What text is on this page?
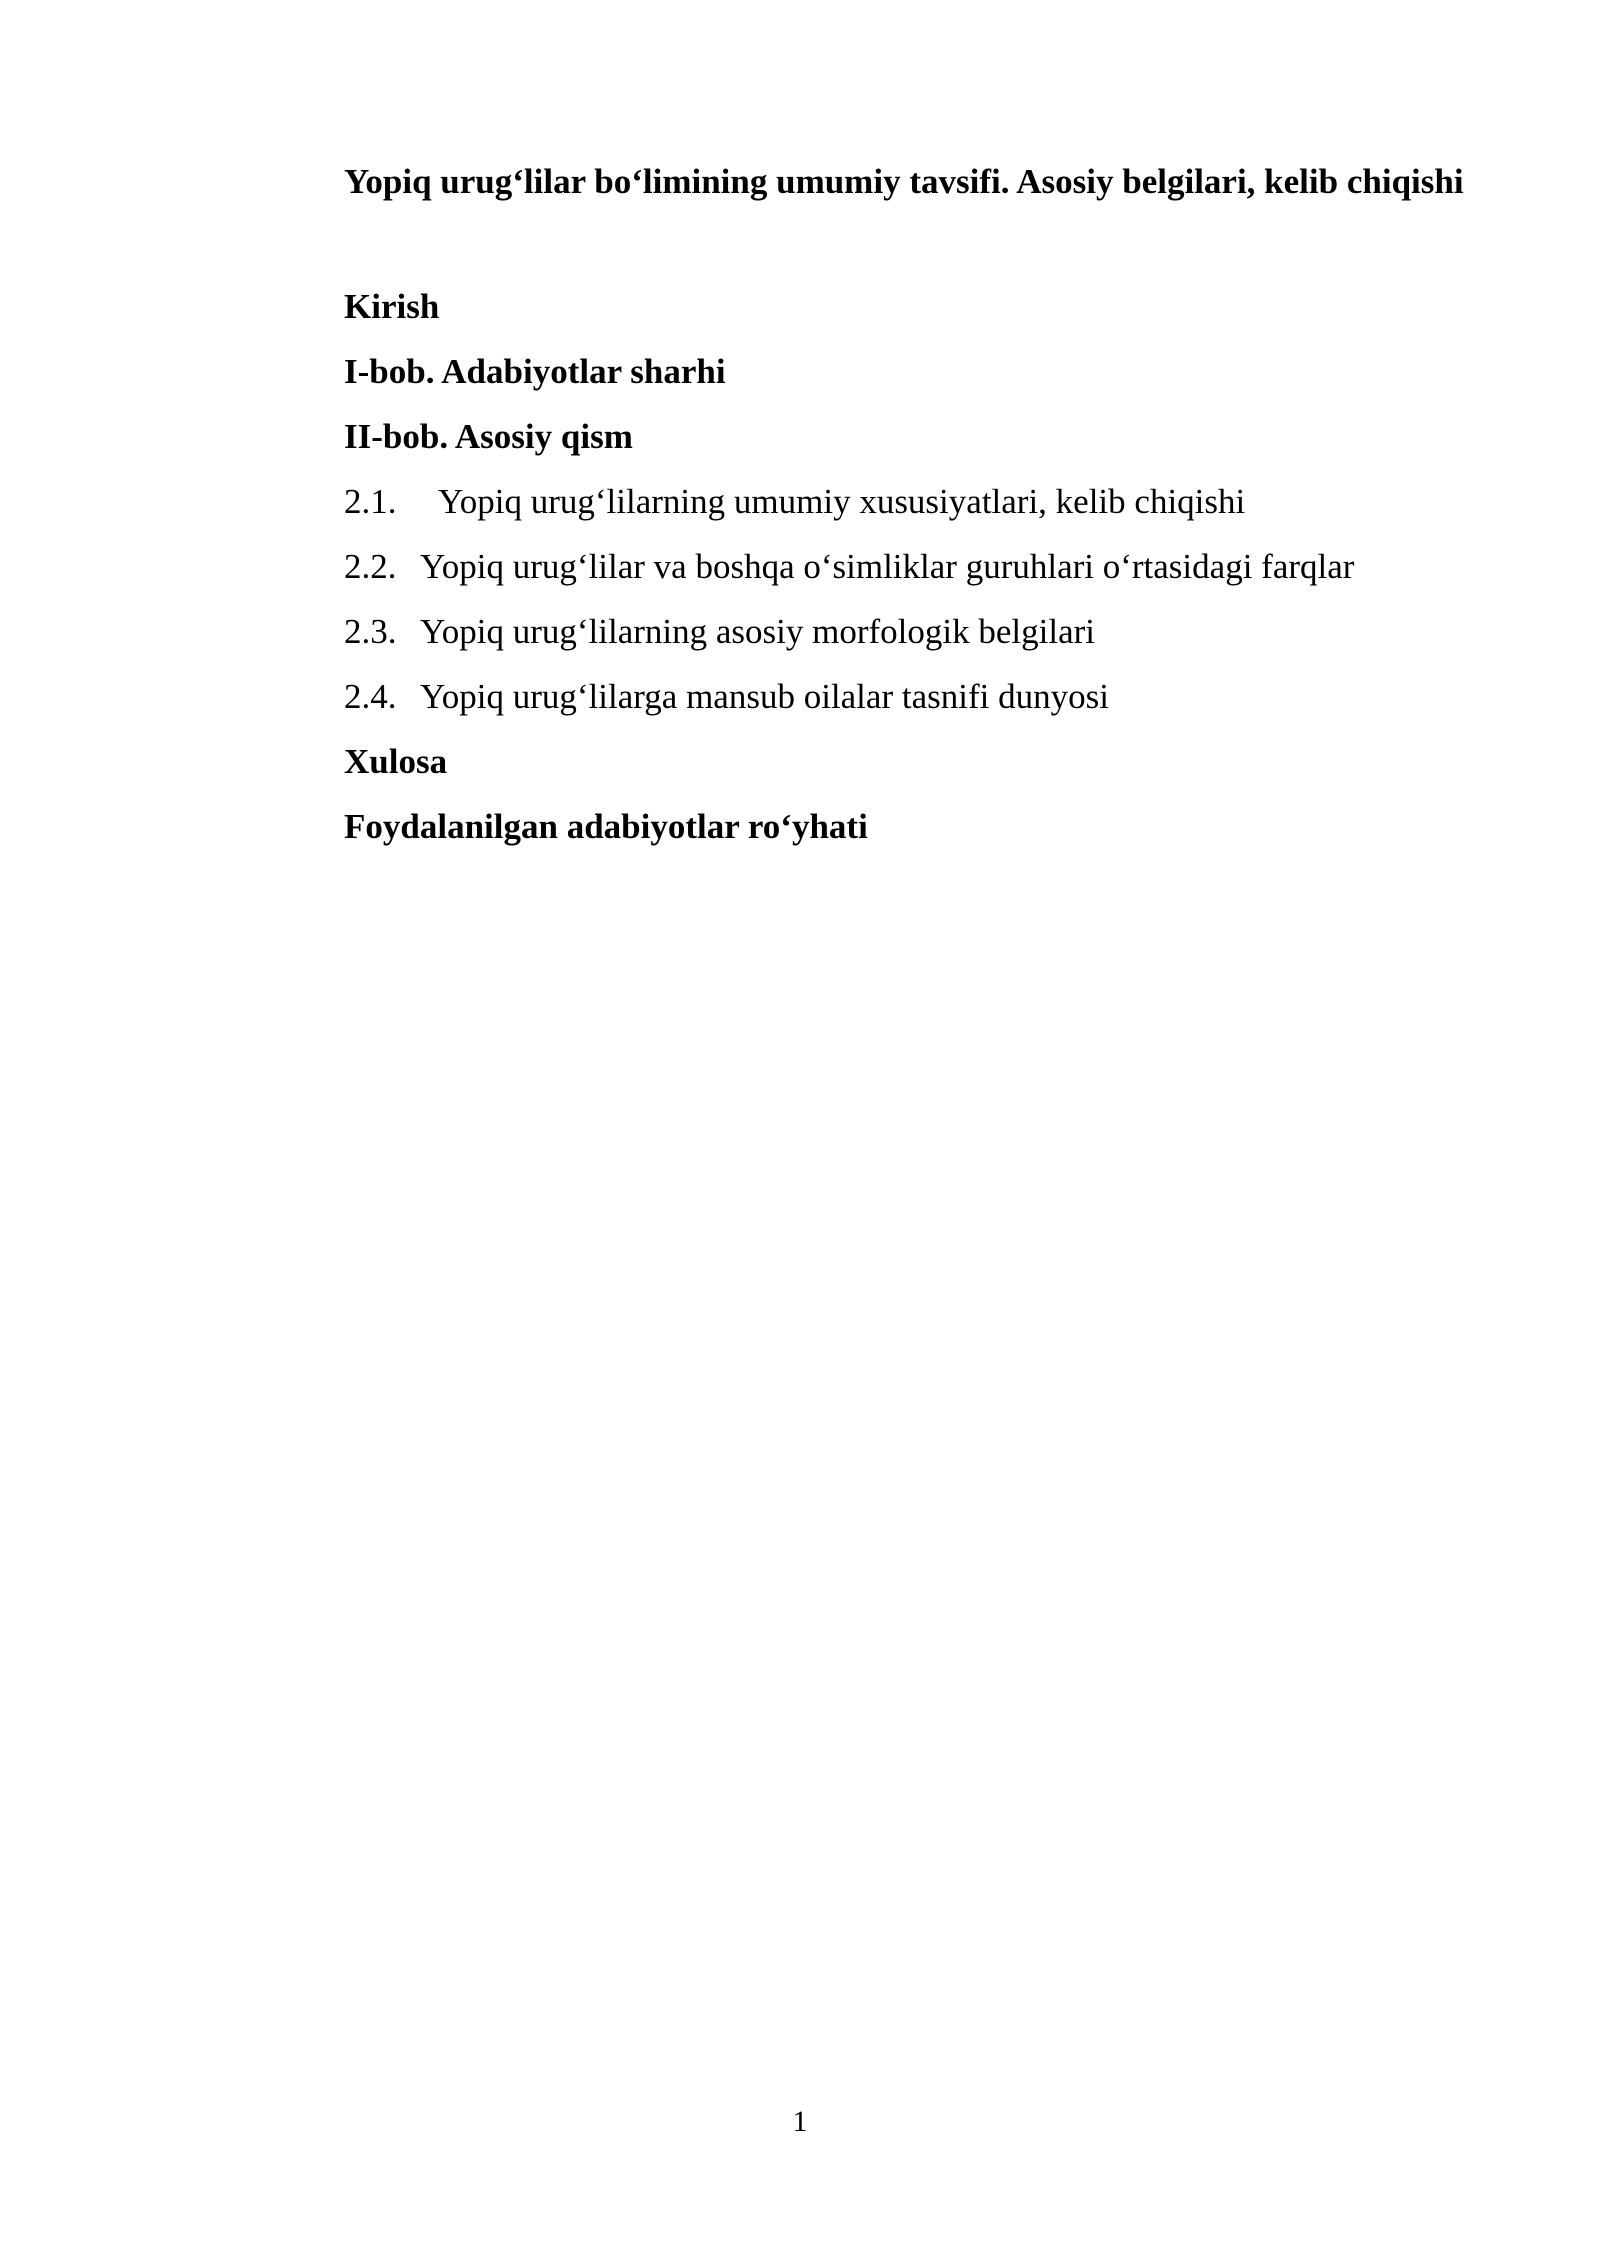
Yopiq urug‘lilar bo‘limining umumiy tavsifi. Asosiy belgilari, kelib chiqishi

Kirish
I-bob. Adabiyotlar sharhi
II-bob. Asosiy qism
2.1. Yopiq urug‘lilarning umumiy xususiyatlari, kelib chiqishi
2.2. Yopiq urug‘lilar va boshqa o‘simliklar guruhlari o‘rtasidagi farqlar
2.3. Yopiq urug‘lilarning asosiy morfologik belgilari
2.4. Yopiq urug‘lilarga mansub oilalar tasnifi dunyosi
Xulosa
Foydalanilgan adabiyotlar ro‘yhati
1
